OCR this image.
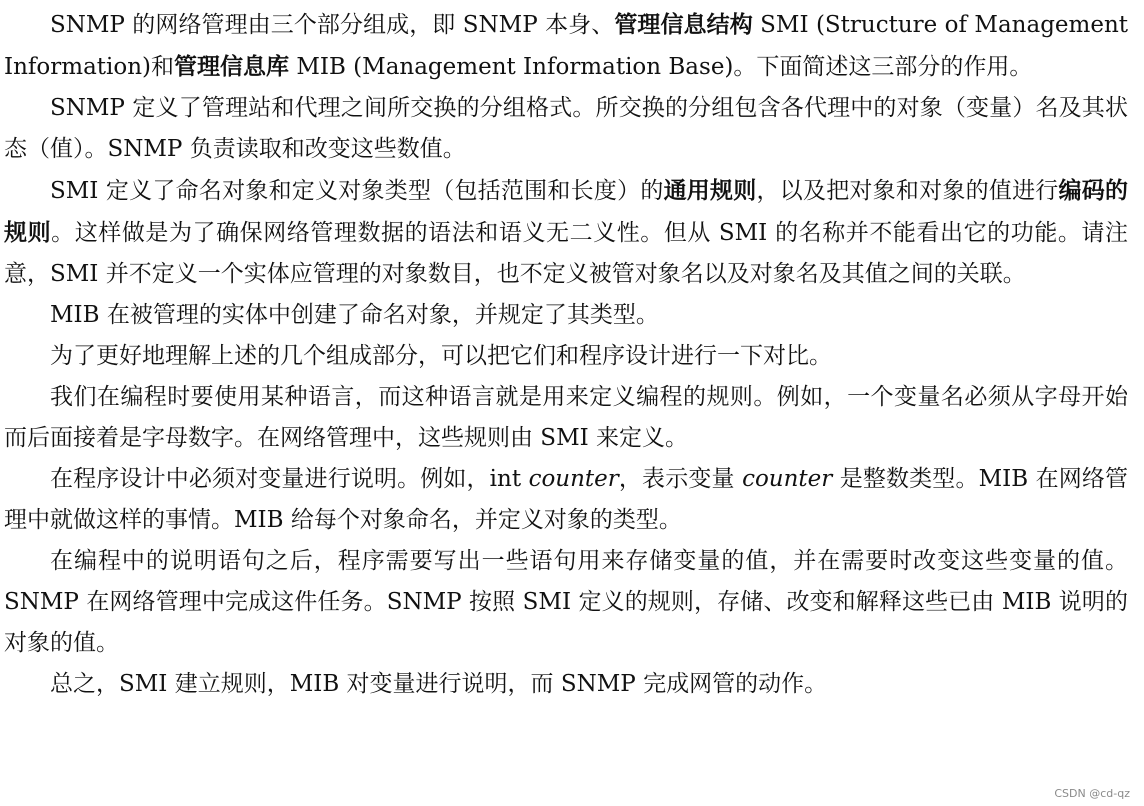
SNMP 的网络管理由三个部分组成，即 SNMP 本身、管理信息结构 SMI (Structure of Management Information)和管理信息库 MIB (Management Information Base)。下面简述这三部分的作用。

SNMP 定义了管理站和代理之间所交换的分组格式。所交换的分组包含各代理中的对象（变量）名及其状态（值）。SNMP 负责读取和改变这些数值。

SMI 定义了命名对象和定义对象类型（包括范围和长度）的通用规则，以及把对象和对象的值进行编码的规则。这样做是为了确保网络管理数据的语法和语义无二义性。但从 SMI 的名称并不能看出它的功能。请注意，SMI 并不定义一个实体应管理的对象数目，也不定义被管对象名以及对象名及其值之间的关联。

MIB 在被管理的实体中创建了命名对象，并规定了其类型。

为了更好地理解上述的几个组成部分，可以把它们和程序设计进行一下对比。

我们在编程时要使用某种语言，而这种语言就是用来定义编程的规则。例如，一个变量名必须从字母开始而后面接着是字母数字。在网络管理中，这些规则由 SMI 来定义。

在程序设计中必须对变量进行说明。例如，int counter，表示变量 counter 是整数类型。MIB 在网络管理中就做这样的事情。MIB 给每个对象命名，并定义对象的类型。

在编程中的说明语句之后，程序需要写出一些语句用来存储变量的值，并在需要时改变这些变量的值。SNMP 在网络管理中完成这件任务。SNMP 按照 SMI 定义的规则，存储、改变和解释这些已由 MIB 说明的对象的值。

总之，SMI 建立规则，MIB 对变量进行说明，而 SNMP 完成网管的动作。

CSDN @cd-qz
